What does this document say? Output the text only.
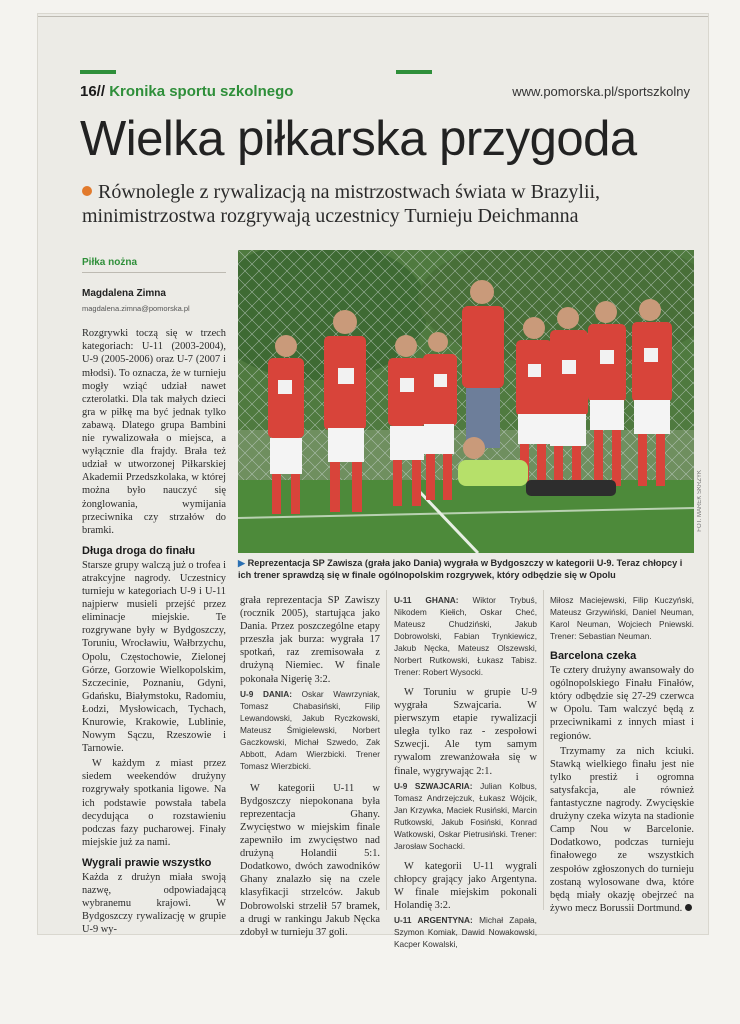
16// Kronika sportu szkolnego	www.pomorska.pl/sportszkolny
Wielka piłkarska przygoda
Równolegle z rywalizacją na mistrzostwach świata w Brazylii, minimistrzostwa rozgrywają uczestnicy Turnieju Deichmanna
Piłka nożna
Magdalena Zimna
magdalena.zimna@pomorska.pl

Rozgrywki toczą się w trzech kategoriach: U-11 (2003-2004), U-9 (2005-2006) oraz U-7 (2007 i młodsi). To oznacza, że w turnieju mogły wziąć udział nawet czterolatki. Dla tak małych dzieci gra w piłkę ma być jednak tylko zabawą. Dlatego grupa Bambini nie rywalizowała o miejsca, a wyłącznie dla frajdy. Brała też udział w utworzonej Piłkarskiej Akademii Przedszkolaka, w której można było nauczyć się żonglowania, wymijania przeciwnika czy strzałów do bramki.

Długa droga do finału

Starsze grupy walczą już o trofea i atrakcyjne nagrody. Uczestnicy turnieju w kategoriach U-9 i U-11 najpierw musieli przejść przez eliminacje miejskie. Te rozgrywane były w Bydgoszczy, Toruniu, Wrocławiu, Wałbrzychu, Opolu, Częstochowie, Zielonej Górze, Gorzowie Wielkopolskim, Szczecinie, Poznaniu, Gdyni, Gdańsku, Białymstoku, Radomiu, Łodzi, Mysłowicach, Tychach, Knurowie, Krakowie, Lublinie, Nowym Sączu, Rzeszowie i Tarnowie.

W każdym z miast przez siedem weekendów drużyny rozgrywały spotkania ligowe. Na ich podstawie powstała tabela decydująca o rozstawieniu podczas fazy pucharowej. Finały miejskie już za nami.

Wygrali prawie wszystko

Każda z drużyn miała swoją nazwę, odpowiadającą wybranemu krajowi. W Bydgoszczy rywalizację w grupie U-9 wy-

FOT. MAREK SKRZYK
▶ Reprezentacja SP Zawisza (grała jako Dania) wygrała w Bydgoszczy w kategorii U-9. Teraz chłopcy i ich trener sprawdzą się w finale ogólnopolskim rozgrywek, który odbędzie się w Opolu

grała reprezentacja SP Zawiszy (rocznik 2005), startująca jako Dania. Przez poszczególne etapy przeszła jak burza: wygrała 17 spotkań, raz zremisowała z drużyną Niemiec. W finale pokonała Nigerię 3:2.

U-9 DANIA: Oskar Wawrzyniak, Tomasz Chabasiński, Filip Lewandowski, Jakub Ryczkowski, Mateusz Śmigielewski, Norbert Gaczkowski, Michał Szwedo, Zak Abbott, Adam Wierzbicki. Trener Tomasz Wierzbicki.

W kategorii U-11 w Bydgoszczy niepokonana była reprezentacja Ghany. Zwycięstwo w miejskim finale zapewniło im zwycięstwo nad drużyną Holandii 5:1. Dodatkowo, dwóch zawodników Ghany znalazło się na czele klasyfikacji strzelców. Jakub Dobrowolski strzelił 57 bramek, a drugi w rankingu Jakub Nęcka zdobył w turnieju 37 goli.

U-11 GHANA: Wiktor Trybuś, Nikodem Kiełich, Oskar Cheć, Mateusz Chudziński, Jakub Dobrowolski, Fabian Trynkiewicz, Jakub Nęcka, Mateusz Olszewski, Norbert Rutkowski, Łukasz Tabisz. Trener: Robert Wysocki.

W Toruniu w grupie U-9 wygrała Szwajcaria. W pierwszym etapie rywalizacji uległa tylko raz - zespołowi Szwecji. Ale tym samym rywalom zrewanżowała się w finale, wygrywając 2:1.

U-9 SZWAJCARIA: Julian Kolbus, Tomasz Andrzejczuk, Łukasz Wójcik, Jan Krzywka, Maciek Rusiński, Marcin Rutkowski, Jakub Fosiński, Konrad Watkowski, Oskar Pietrusiński. Trener: Jarosław Sochacki.

W kategorii U-11 wygrali chłopcy grający jako Argentyna. W finale miejskim pokonali Holandię 3:2.

U-11 ARGENTYNA: Michał Zapała, Szymon Komiak, Dawid Nowakowski, Kacper Kowalski,

Miłosz Maciejewski, Filip Kuczyński, Mateusz Grzywiński, Daniel Neuman, Karol Neuman, Wojciech Pniewski. Trener: Sebastian Neuman.

Barcelona czeka

Te cztery drużyny awansowały do ogólnopolskiego Finału Finałów, który odbędzie się 27-29 czerwca w Opolu. Tam walczyć będą z przeciwnikami z innych miast i regionów.

Trzymamy za nich kciuki. Stawką wielkiego finału jest nie tylko prestiż i ogromna satysfakcja, ale również fantastyczne nagrody. Zwycięskie drużyny czeka wizyta na stadionie Camp Nou w Barcelonie. Dodatkowo, podczas turnieju finałowego ze wszystkich zespołów zgłoszonych do turnieju zostaną wylosowane dwa, które będą miały okazję obejrzeć na żywo mecz Borussii Dortmund.
